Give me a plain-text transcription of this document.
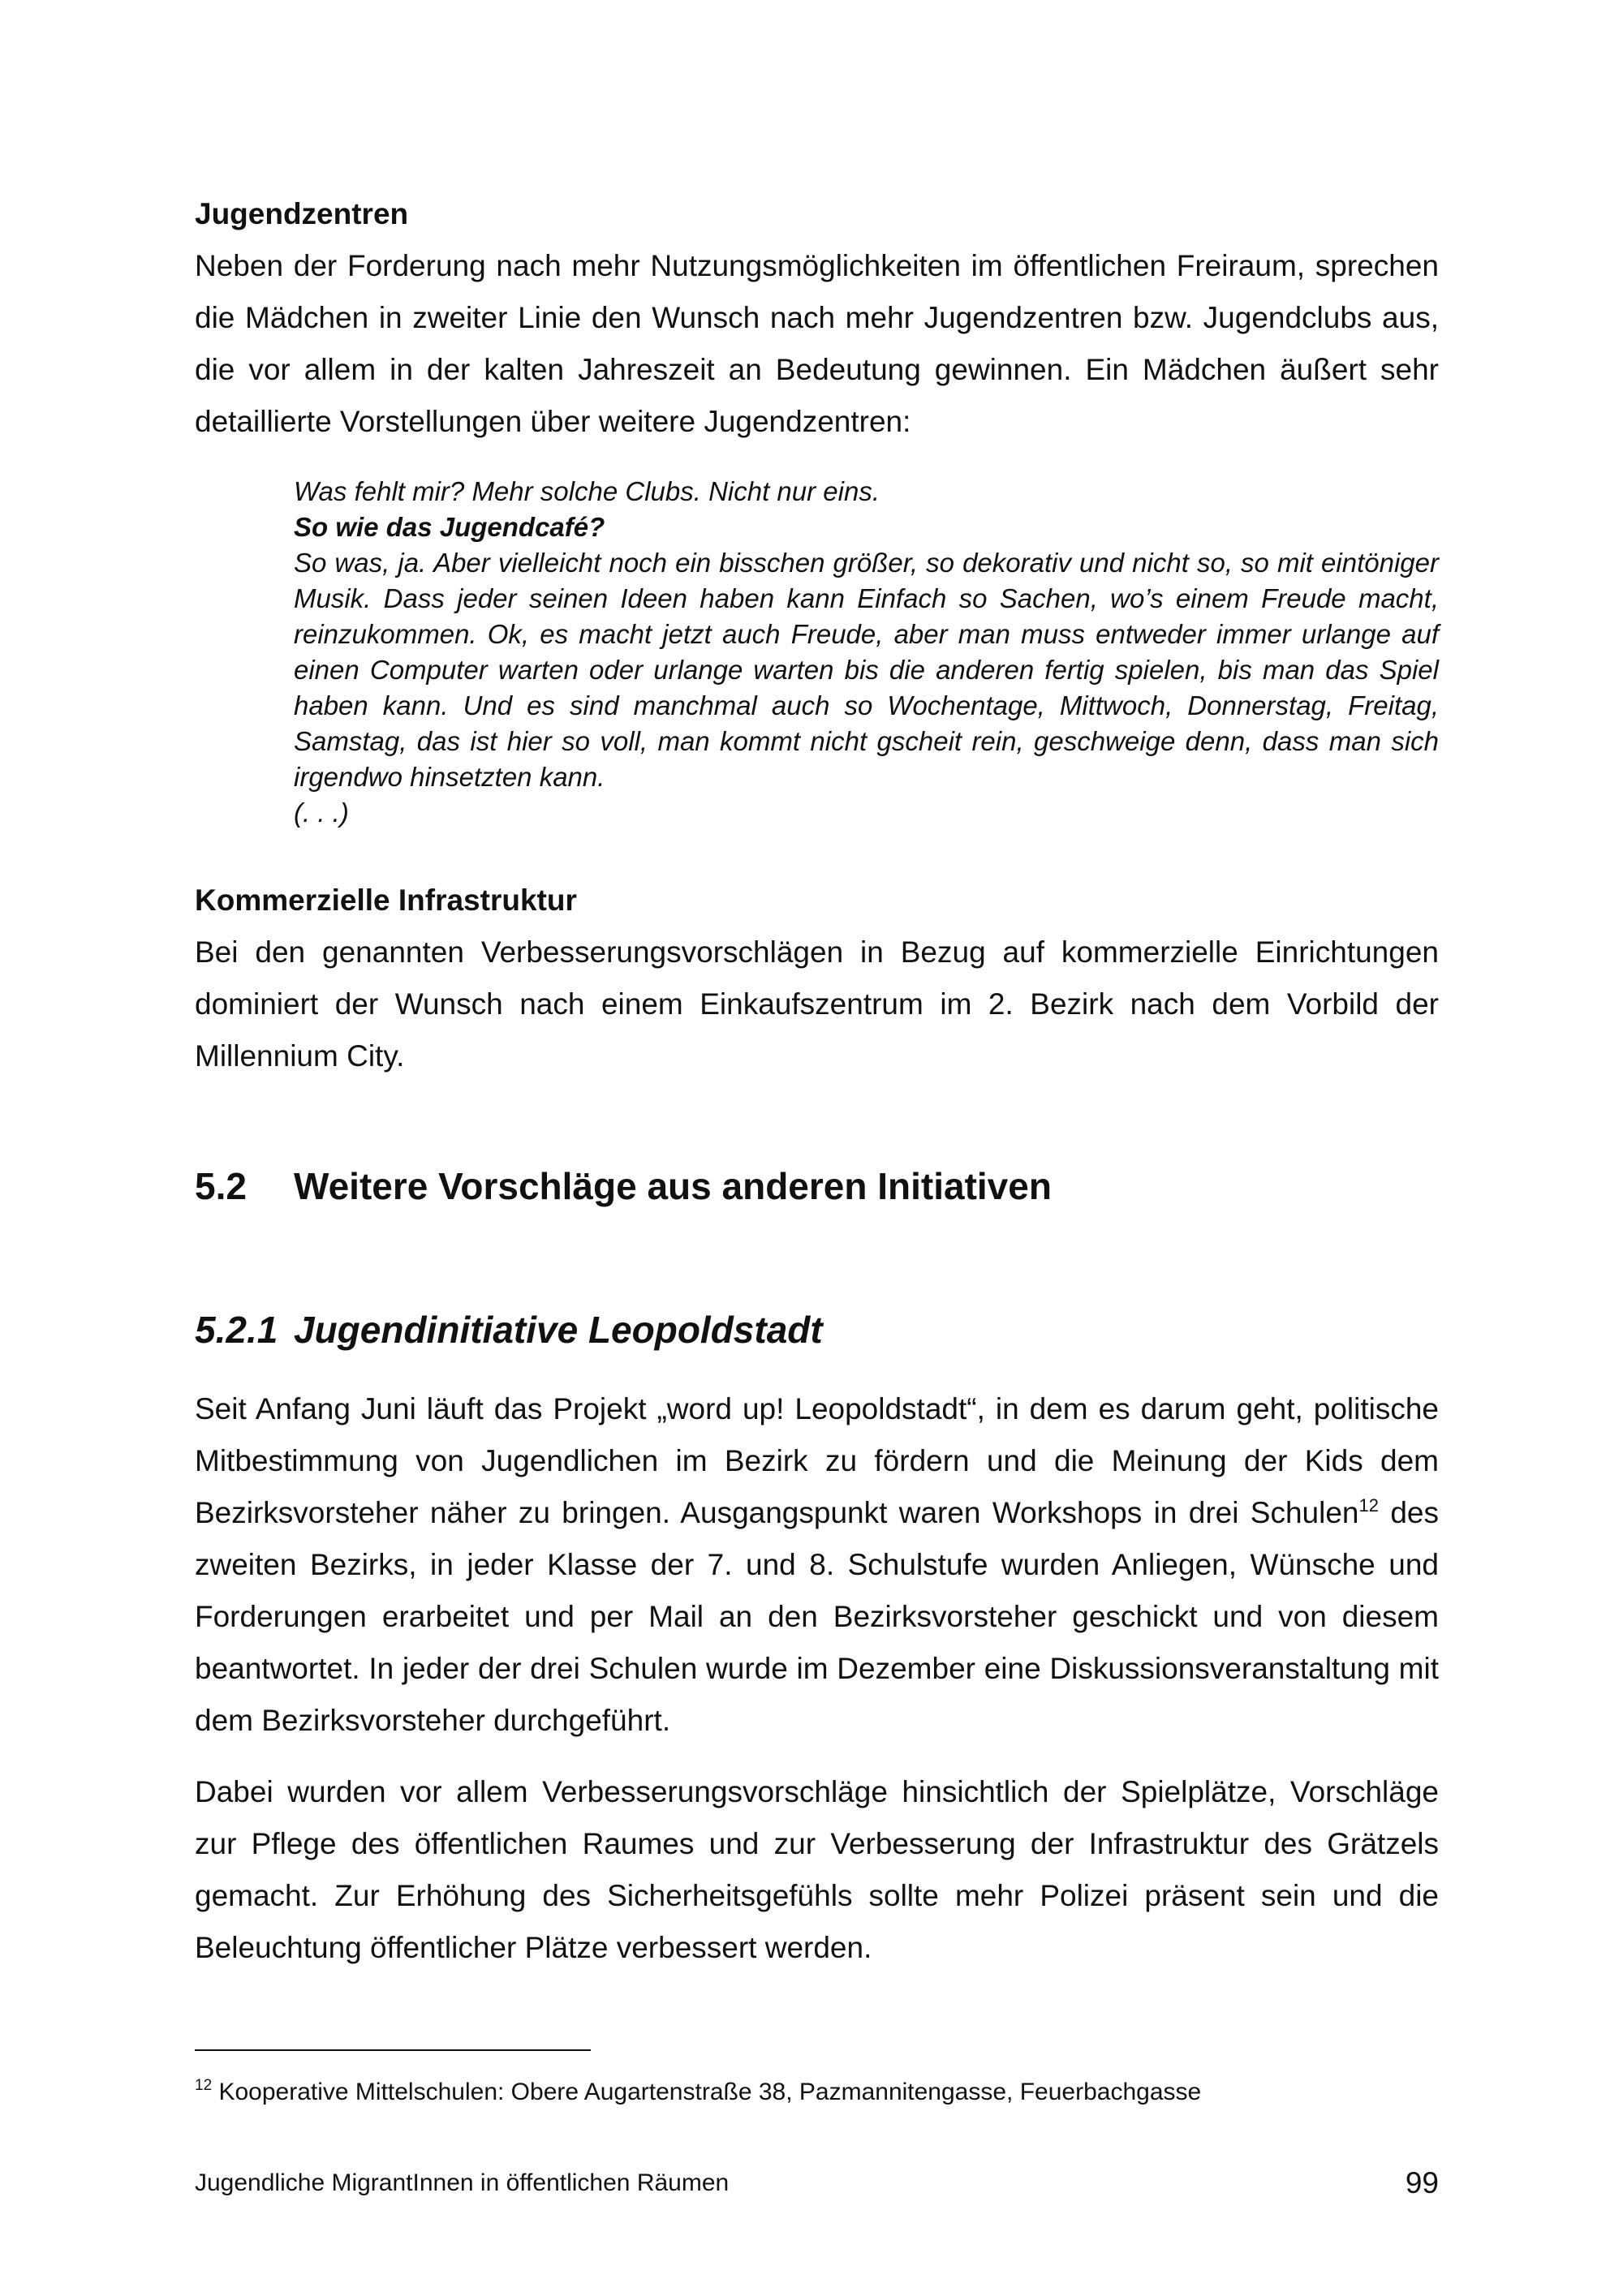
Jugendzentren

Neben der Forderung nach mehr Nutzungsmöglichkeiten im öffentlichen Freiraum, sprechen die Mädchen in zweiter Linie den Wunsch nach mehr Jugendzentren bzw. Jugendclubs aus, die vor allem in der kalten Jahreszeit an Bedeutung gewinnen. Ein Mädchen äußert sehr detaillierte Vorstellungen über weitere Jugendzentren:

Was fehlt mir? Mehr solche Clubs. Nicht nur eins.

So wie das Jugendcafé?

So was, ja. Aber vielleicht noch ein bisschen größer, so dekorativ und nicht so, so mit eintöniger Musik. Dass jeder seinen Ideen haben kann Einfach so Sachen, wo’s einem Freude macht, reinzukommen. Ok, es macht jetzt auch Freude, aber man muss entweder immer urlange auf einen Computer warten oder urlange warten bis die anderen fertig spielen, bis man das Spiel haben kann. Und es sind manchmal auch so Wochentage, Mittwoch, Donnerstag, Freitag, Samstag, das ist hier so voll, man kommt nicht gscheit rein, geschweige denn, dass man sich irgendwo hinsetzten kann.

(. . .)

Kommerzielle Infrastruktur

Bei den genannten Verbesserungsvorschlägen in Bezug auf kommerzielle Einrichtungen dominiert der Wunsch nach einem Einkaufszentrum im 2. Bezirk nach dem Vorbild der Millennium City.

5.2 Weitere Vorschläge aus anderen Initiativen
5.2.1 Jugendinitiative Leopoldstadt

Seit Anfang Juni läuft das Projekt „word up! Leopoldstadt“, in dem es darum geht, politische Mitbestimmung von Jugendlichen im Bezirk zu fördern und die Meinung der Kids dem Bezirksvorsteher näher zu bringen. Ausgangspunkt waren Workshops in drei Schulen$^{12}$ des zweiten Bezirks, in jeder Klasse der 7. und 8. Schulstufe wurden Anliegen, Wünsche und Forderungen erarbeitet und per Mail an den Bezirksvorsteher geschickt und von diesem beantwortet. In jeder der drei Schulen wurde im Dezember eine Diskussionsveranstaltung mit dem Bezirksvorsteher durchgeführt.

Dabei wurden vor allem Verbesserungsvorschläge hinsichtlich der Spielplätze, Vorschläge zur Pflege des öffentlichen Raumes und zur Verbesserung der Infrastruktur des Grätzels gemacht. Zur Erhöhung des Sicherheitsgefühls sollte mehr Polizei präsent sein und die Beleuchtung öffentlicher Plätze verbessert werden.

$^{12}$ Kooperative Mittelschulen: Obere Augartenstraße 38, Pazmannitengasse, Feuerbachgasse

Jugendliche MigrantInnen in öffentlichen Räumen	99
